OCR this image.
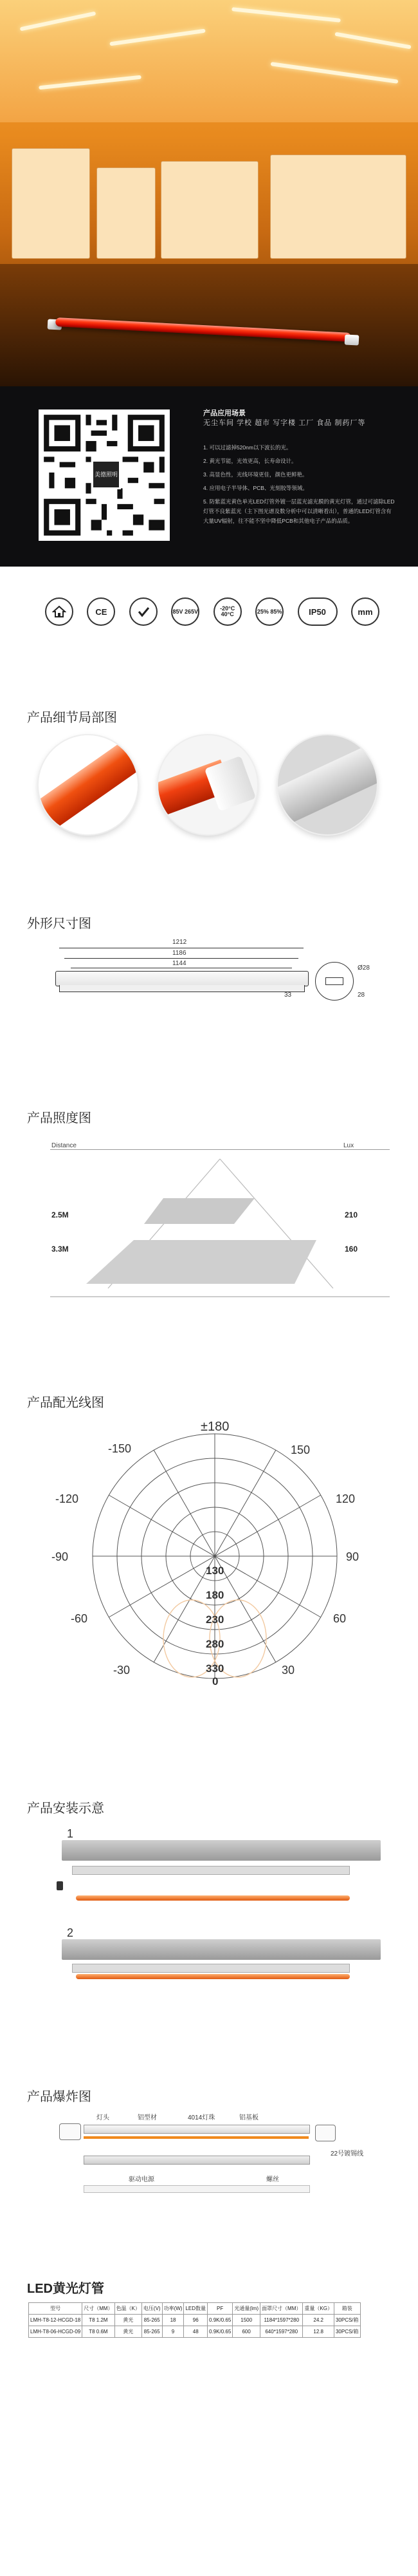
美德照明
产品应用场景
无尘车间 学校 超市 写字楼 工厂 食品 制药厂等
1. 可以过滤掉520nm以下波长的光。
2. 黄光节能，光效更高，长寿命设计。
3. 高显色性，光线环境更佳，颜色更鲜艳。
4. 应用电子半导体、PCB、光刻胶等领域。
5. 防紫蓝光黄色单光LED灯管外镀一层蓝光滤光膜的黄光灯管，通过可滤除LED灯管不良紫蓝光（主下图光谱及数分析中可以清晰看出），普通的LED灯管含有大量UV辐射，往不能不坚中降低PCB和其他电子产品的品质。
CE	85V 265V	-20°C 40°C	25% 85%	IP50	mm
产品细节局部图
外形尺寸图
1212
1186
1144
33
Ø28
28
产品照度图
Distance	Lux
2.5M	210
3.3M	160
产品配光线图
±180
-150	150
-120	120
-90	90
-60	60
-30	30
130
180
230
280
330
0
产品安装示意
1
2
产品爆炸图
灯头	铝型材	4014灯珠	铝基板
22号镀锡线
驱动电源	螺丝
LED黄光灯管
型号	尺寸（MM）	色温（K）	电压(V)	功率(W)	LED数量	PF	光通量(lm)	面罩尺寸（MM）	重量（KG）	箱装
LMH-T8-12-HCGD-18	T8 1.2M	黄光	85-265	18	96	0.9K/0.65	1500	1184*1597*280	24.2	30PCS/箱
LMH-T8-06-HCGD-09	T8 0.6M	黄光	85-265	9	48	0.9K/0.65	600	640*1597*280	12.8	30PCS/箱
